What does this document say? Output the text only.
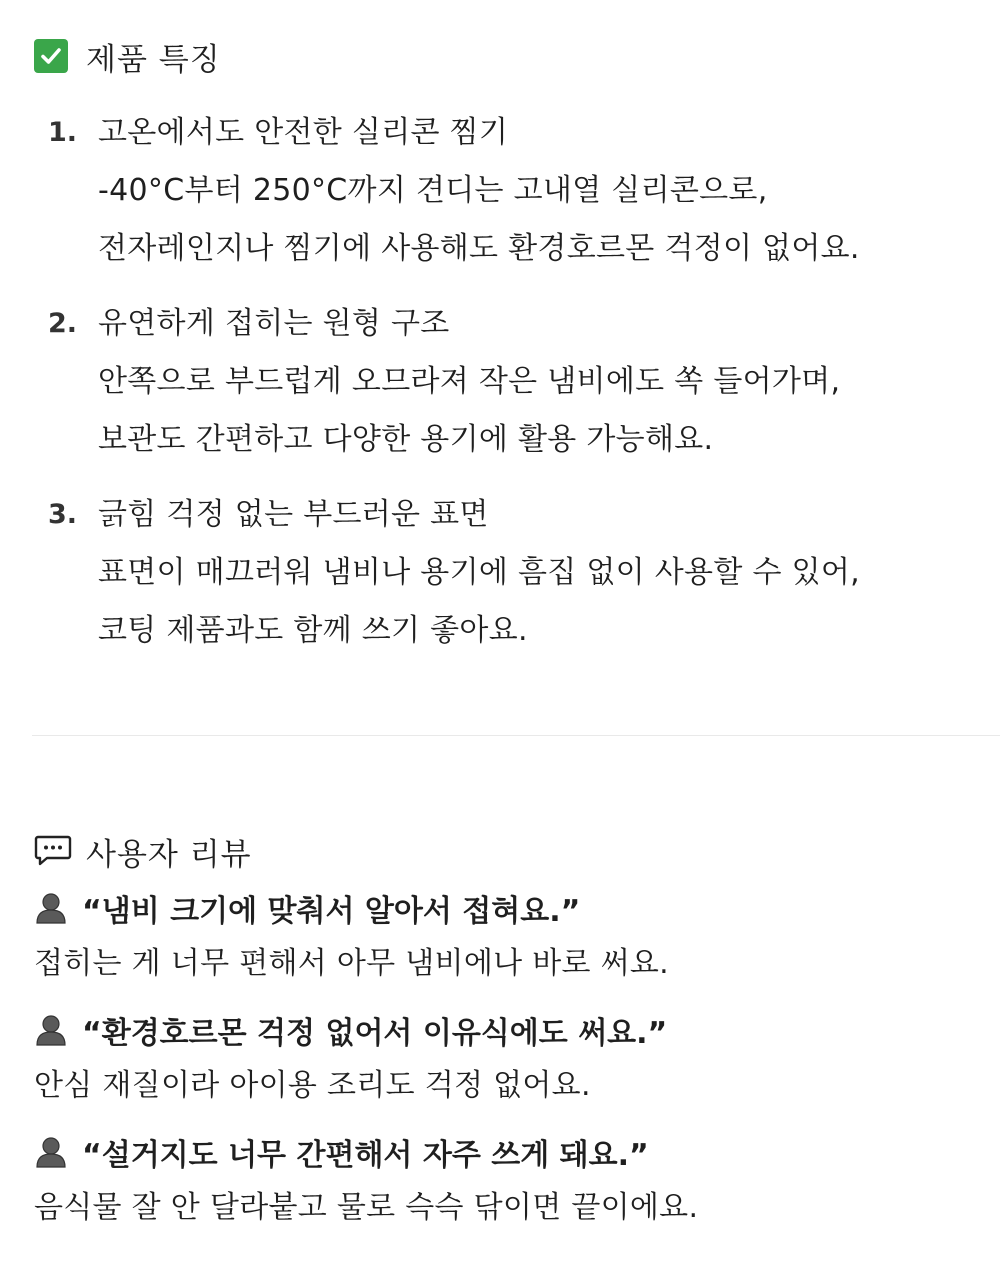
제품 특징
1. 고온에서도 안전한 실리콘 찜기
-40°C부터 250°C까지 견디는 고내열 실리콘으로,
전자레인지나 찜기에 사용해도 환경호르몬 걱정이 없어요.
2. 유연하게 접히는 원형 구조
안쪽으로 부드럽게 오므라져 작은 냄비에도 쏙 들어가며,
보관도 간편하고 다양한 용기에 활용 가능해요.
3. 긁힘 걱정 없는 부드러운 표면
표면이 매끄러워 냄비나 용기에 흠집 없이 사용할 수 있어,
코팅 제품과도 함께 쓰기 좋아요.
사용자 리뷰
“냄비 크기에 맞춰서 알아서 접혀요.”
접히는 게 너무 편해서 아무 냄비에나 바로 써요.
“환경호르몬 걱정 없어서 이유식에도 써요.”
안심 재질이라 아이용 조리도 걱정 없어요.
“설거지도 너무 간편해서 자주 쓰게 돼요.”
음식물 잘 안 달라붙고 물로 슥슥 닦이면 끝이에요.
